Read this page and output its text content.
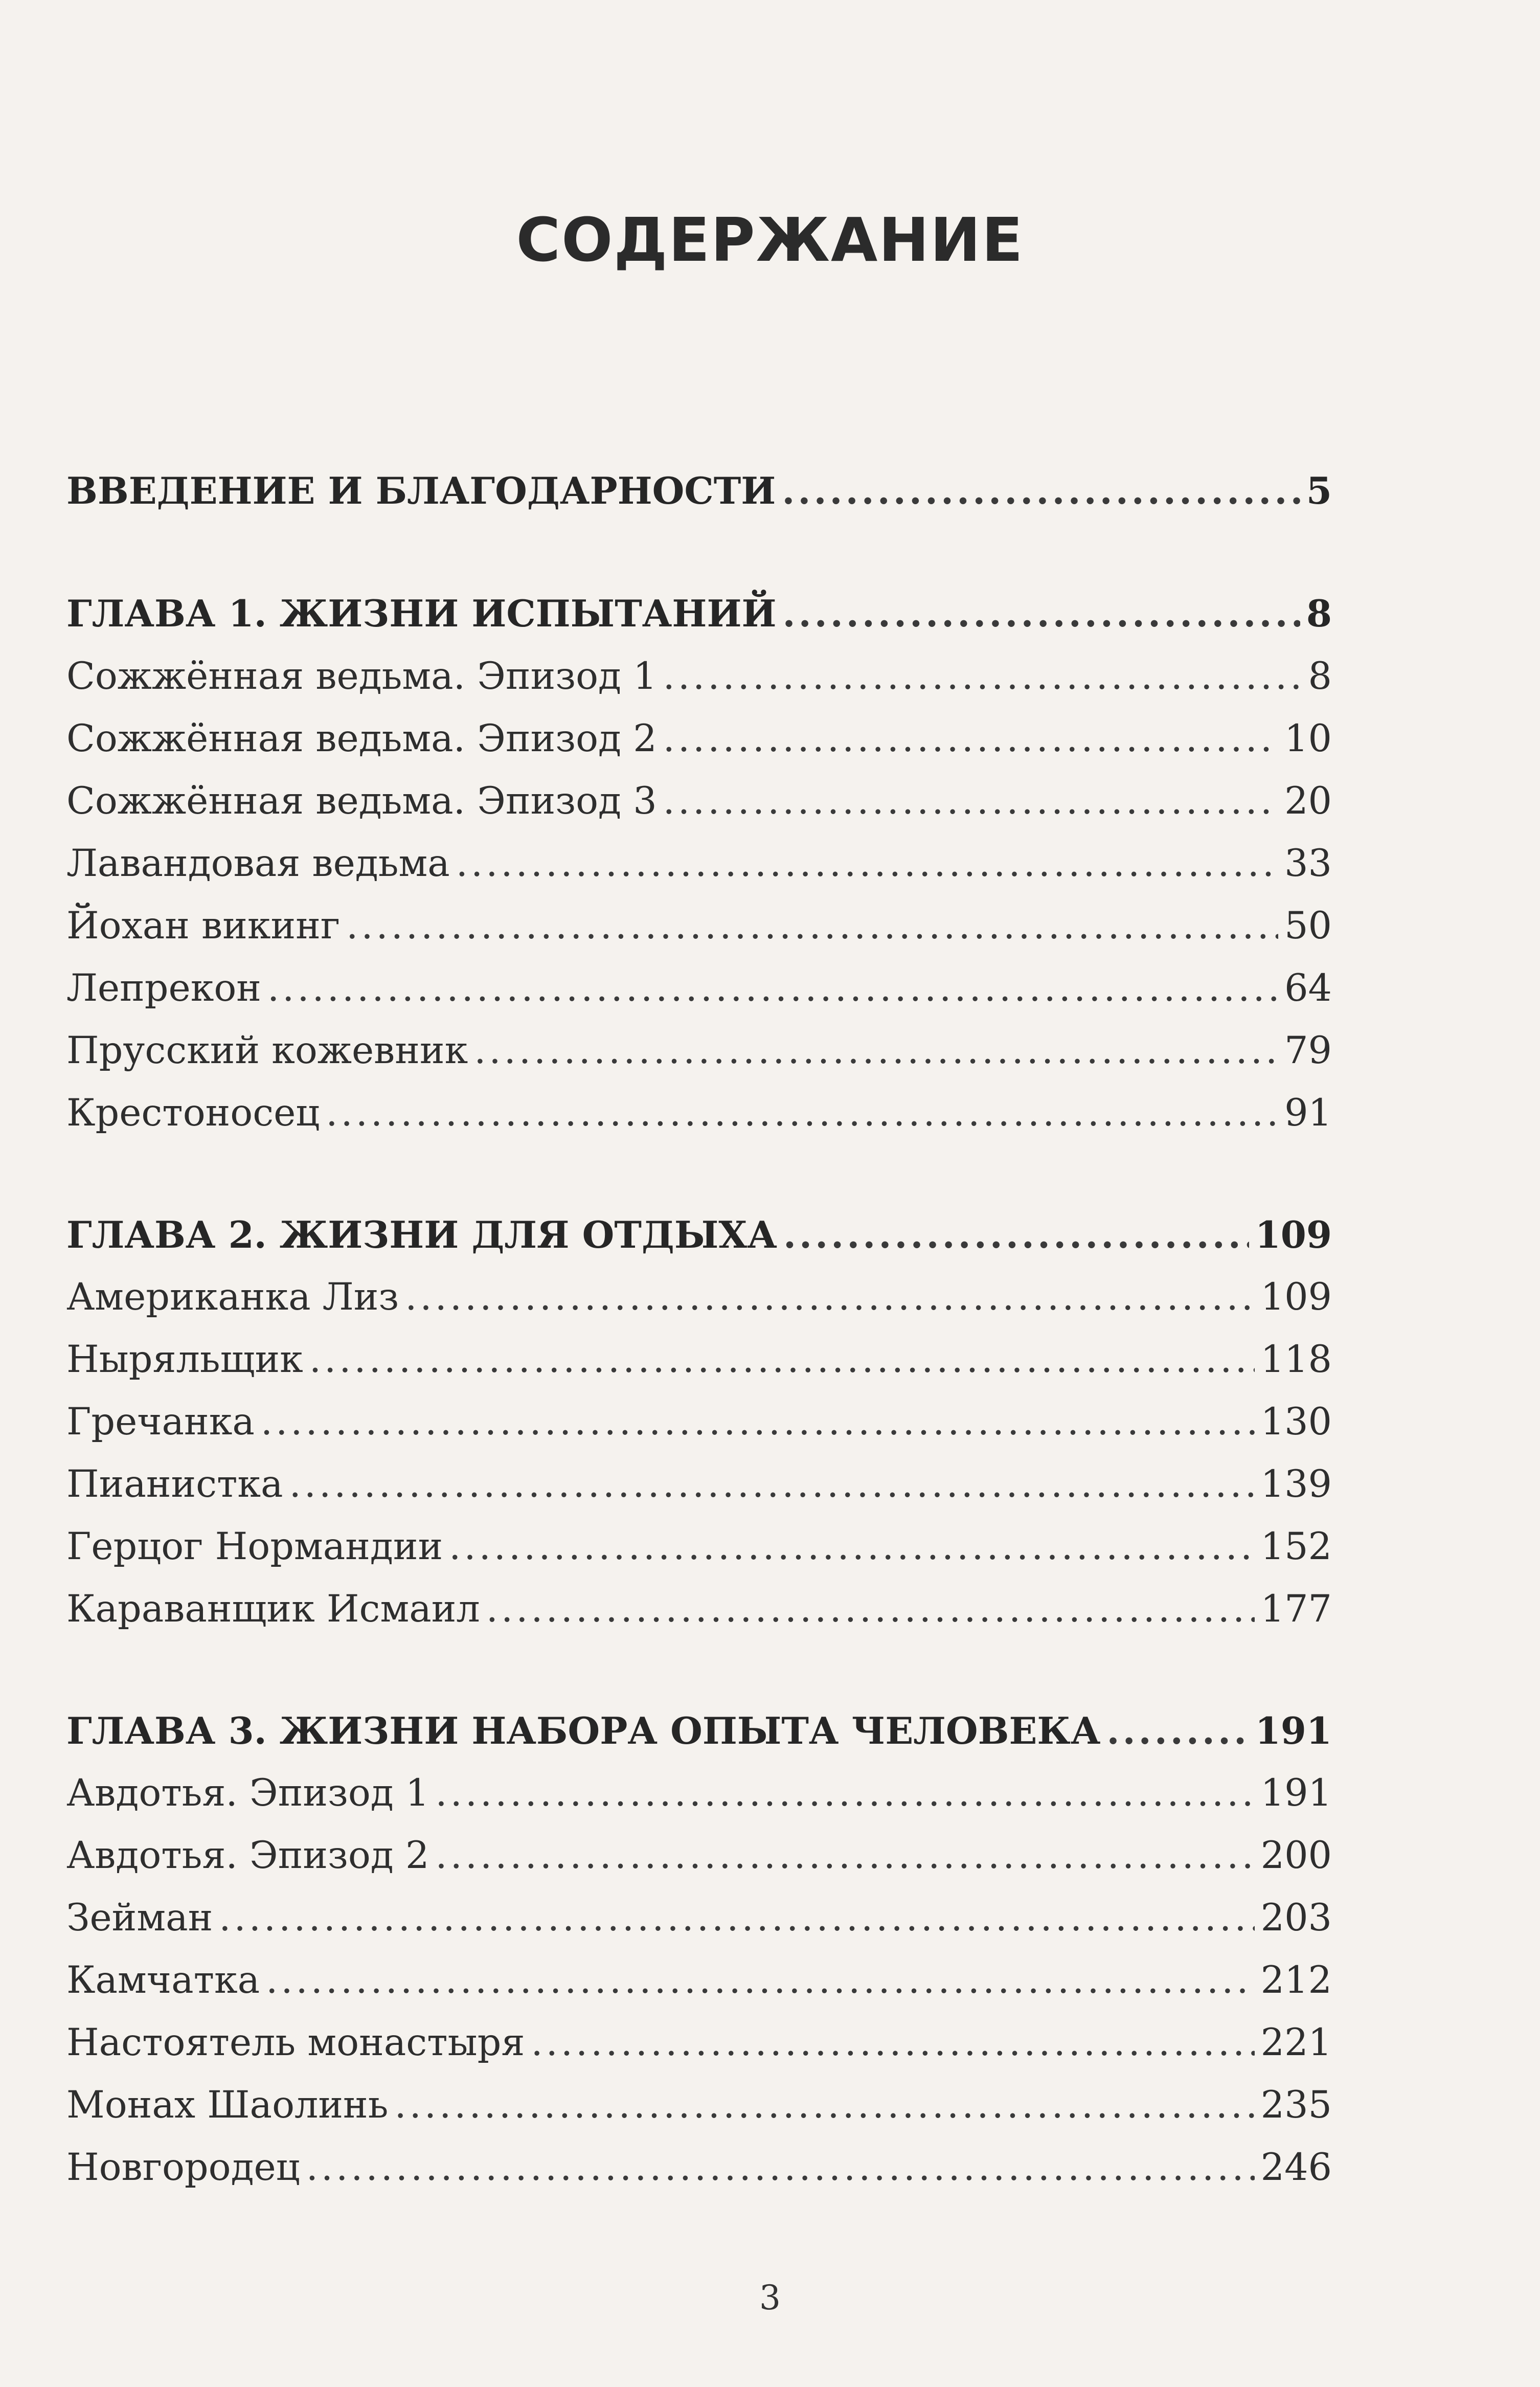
СОДЕРЖАНИЕ
ВВЕДЕНИЕ И БЛАГОДАРНОСТИ .....	5
ГЛАВА 1. ЖИЗНИ ИСПЫТАНИЙ .....	8
Сожжённая ведьма. Эпизод 1 .....	8
Сожжённая ведьма. Эпизод 2 .....	10
Сожжённая ведьма. Эпизод 3 .....	20
Лавандовая ведьма .....	33
Йохан викинг .....	50
Лепрекон .....	64
Прусский кожевник .....	79
Крестоносец .....	91
ГЛАВА 2. ЖИЗНИ ДЛЯ ОТДЫХА .....	109
Американка Лиз .....	109
Ныряльщик .....	118
Гречанка .....	130
Пианистка .....	139
Герцог Нормандии .....	152
Караванщик Исмаил .....	177
ГЛАВА 3. ЖИЗНИ НАБОРА ОПЫТА ЧЕЛОВЕКА .....	191
Авдотья. Эпизод 1 .....	191
Авдотья. Эпизод 2 .....	200
Зейман .....	203
Камчатка .....	212
Настоятель монастыря .....	221
Монах Шаолинь .....	235
Новгородец .....	246
3
